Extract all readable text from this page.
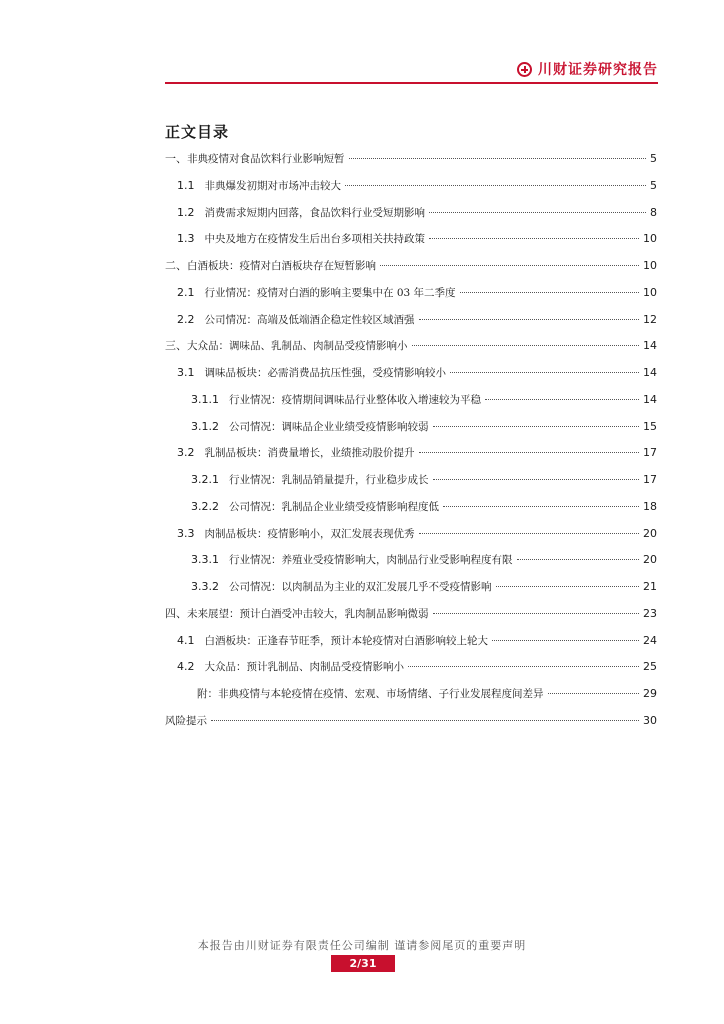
川财证券研究报告
正文目录
一、 非典疫情对食品饮料行业影响短暂	5
1.1 非典爆发初期对市场冲击较大	5
1.2 消费需求短期内回落，食品饮料行业受短期影响	8
1.3 中央及地方在疫情发生后出台多项相关扶持政策	10
二、 白酒板块：疫情对白酒板块存在短暂影响	10
2.1 行业情况：疫情对白酒的影响主要集中在 03 年二季度	10
2.2 公司情况：高端及低端酒企稳定性较区域酒强	12
三、 大众品：调味品、乳制品、肉制品受疫情影响小	14
3.1 调味品板块：必需消费品抗压性强，受疫情影响较小	14
3.1.1 行业情况：疫情期间调味品行业整体收入增速较为平稳	14
3.1.2 公司情况：调味品企业业绩受疫情影响较弱	15
3.2 乳制品板块：消费量增长，业绩推动股价提升	17
3.2.1 行业情况：乳制品销量提升，行业稳步成长	17
3.2.2 公司情况：乳制品企业业绩受疫情影响程度低	18
3.3 肉制品板块：疫情影响小，双汇发展表现优秀	20
3.3.1 行业情况：养殖业受疫情影响大，肉制品行业受影响程度有限	20
3.3.2 公司情况：以肉制品为主业的双汇发展几乎不受疫情影响	21
四、 未来展望：预计白酒受冲击较大，乳肉制品影响微弱	23
4.1 白酒板块：正逢春节旺季，预计本轮疫情对白酒影响较上轮大	24
4.2 大众品：预计乳制品、肉制品受疫情影响小	25
附：非典疫情与本轮疫情在疫情、宏观、市场情绪、子行业发展程度间差异	29
风险提示	30
本报告由川财证券有限责任公司编制 谨请参阅尾页的重要声明
2/31
